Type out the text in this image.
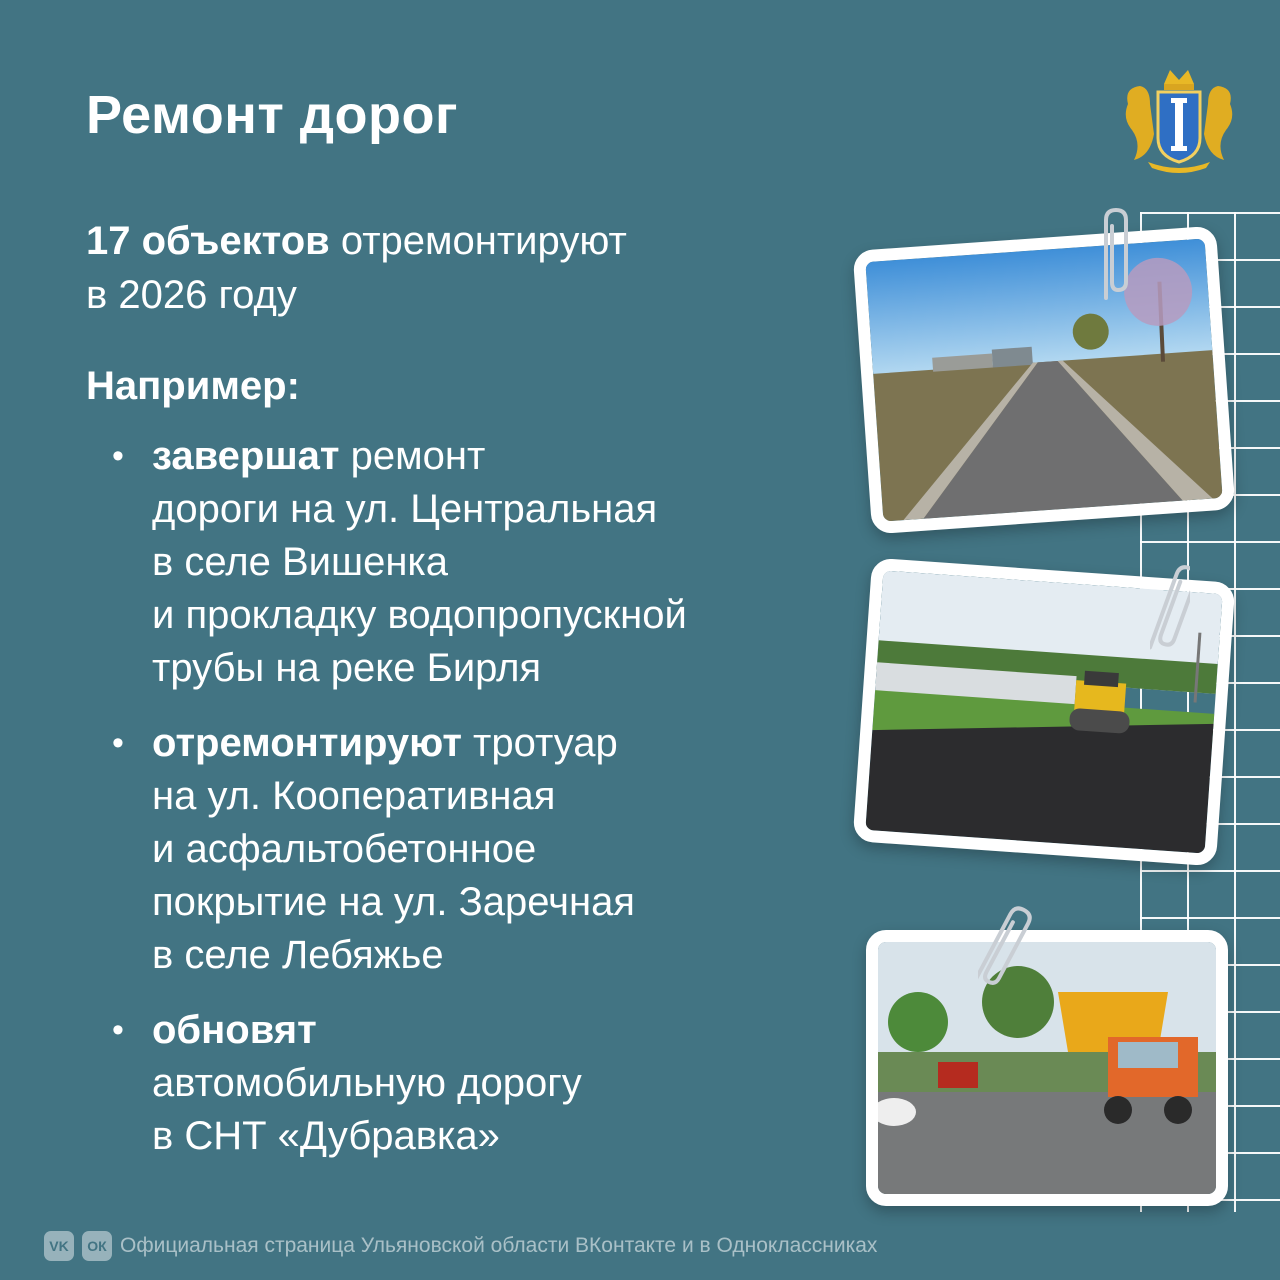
Ремонт дорог
17 объектов отремонтируют
в 2026 году
Например:
• завершат ремонт
дороги на ул. Центральная
в селе Вишенка
и прокладку водопропускной
трубы на реке Бирля
• отремонтируют тротуар
на ул. Кооперативная
и асфальтобетонное
покрытие на ул. Заречная
в селе Лебяжье
• обновят
автомобильную дорогу
в СНТ «Дубравка»
VK	ОК Официальная страница Ульяновской области ВКонтакте и в Одноклассниках
